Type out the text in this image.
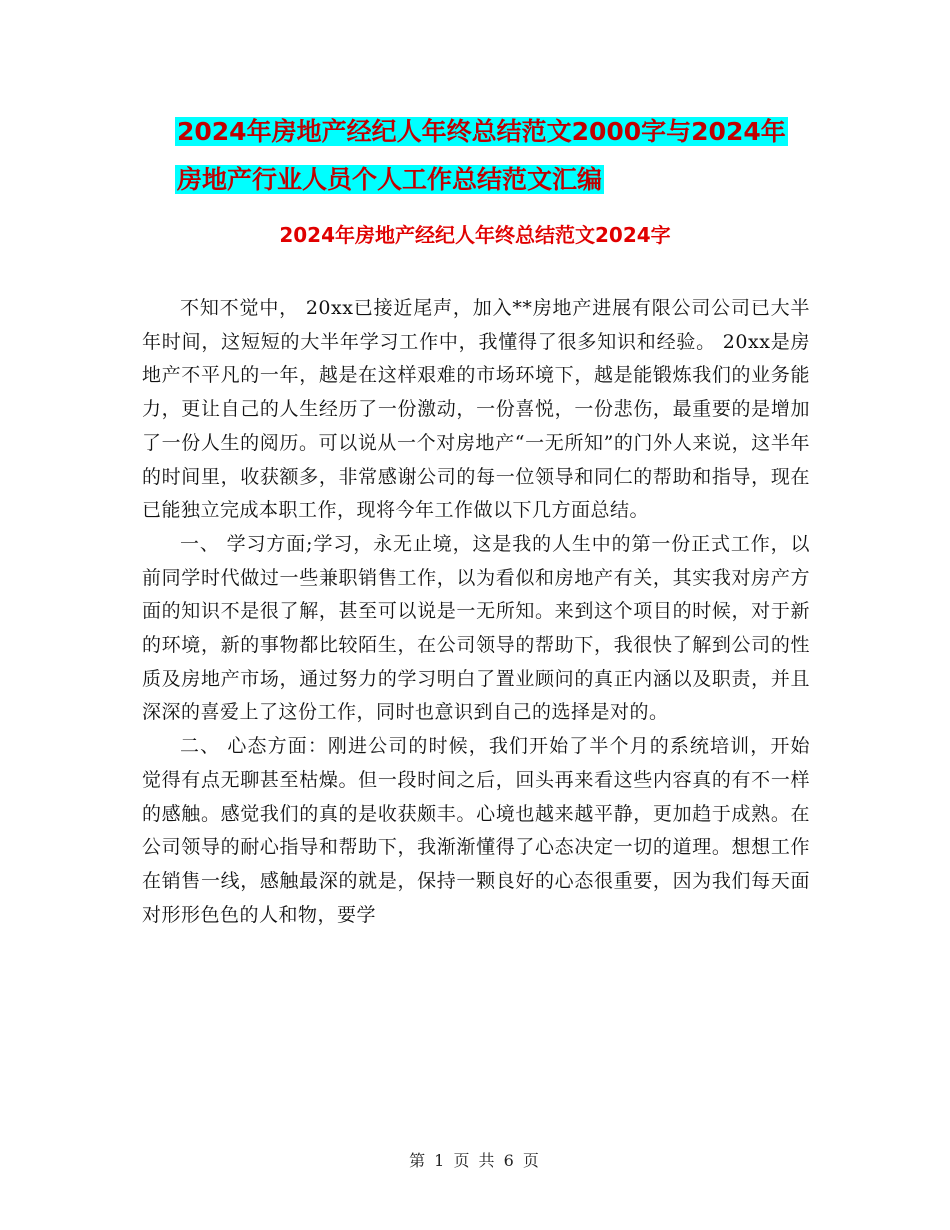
2024年房地产经纪人年终总结范文2000字与2024年
房地产行业人员个人工作总结范文汇编
2024年房地产经纪人年终总结范文2024字

不知不觉中， 20xx已接近尾声，加入**房地产进展有限公司公司已大半年时间，这短短的大半年学习工作中，我懂得了很多知识和经验。 20xx是房地产不平凡的一年，越是在这样艰难的市场环境下，越是能锻炼我们的业务能力，更让自己的人生经历了一份激动，一份喜悦，一份悲伤，最重要的是增加了一份人生的阅历。可以说从一个对房地产“一无所知”的门外人来说，这半年的时间里，收获额多，非常感谢公司的每一位领导和同仁的帮助和指导，现在已能独立完成本职工作，现将今年工作做以下几方面总结。

一、 学习方面;学习，永无止境，这是我的人生中的第一份正式工作，以前同学时代做过一些兼职销售工作，以为看似和房地产有关，其实我对房产方面的知识不是很了解，甚至可以说是一无所知。来到这个项目的时候，对于新的环境，新的事物都比较陌生，在公司领导的帮助下，我很快了解到公司的性质及房地产市场，通过努力的学习明白了置业顾问的真正内涵以及职责，并且深深的喜爱上了这份工作，同时也意识到自己的选择是对的。

二、 心态方面：刚进公司的时候，我们开始了半个月的系统培训，开始觉得有点无聊甚至枯燥。但一段时间之后，回头再来看这些内容真的有不一样的感触。感觉我们的真的是收获颇丰。心境也越来越平静，更加趋于成熟。在公司领导的耐心指导和帮助下，我渐渐懂得了心态决定一切的道理。想想工作在销售一线，感触最深的就是，保持一颗良好的心态很重要，因为我们每天面对形形色色的人和物，要学

第 1 页 共 6 页
